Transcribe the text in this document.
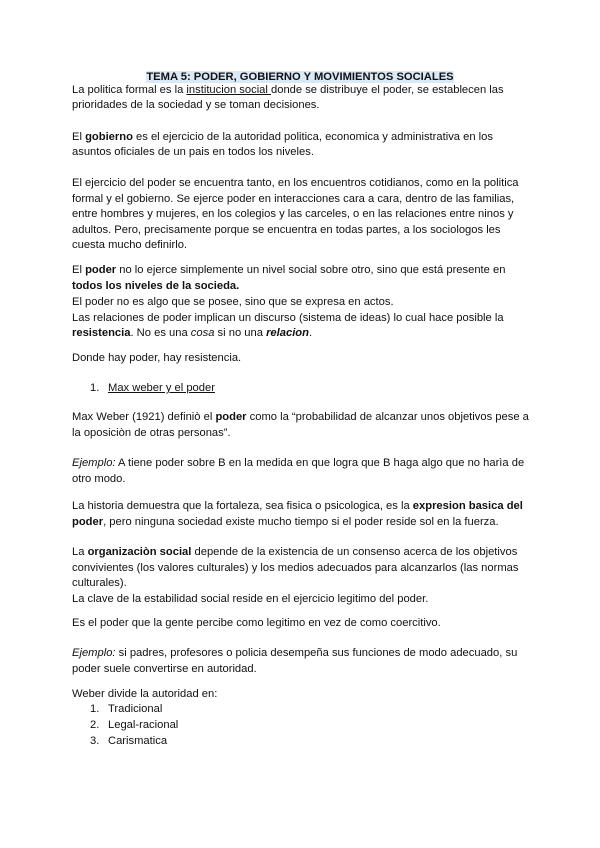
TEMA 5: PODER, GOBIERNO Y MOVIMIENTOS SOCIALES
La politica formal es la institucion social donde se distribuye el poder, se establecen las
prioridades de la sociedad y se toman decisiones.
El gobierno es el ejercicio de la autoridad politica, economica y administrativa en los
asuntos oficiales de un pais en todos los niveles.
El ejercicio del poder se encuentra tanto, en los encuentros cotidianos, como en la politica
formal y el gobierno. Se ejerce poder en interacciones cara a cara, dentro de las familias,
entre hombres y mujeres, en los colegios y las carceles, o en las relaciones entre ninos y
adultos. Pero, precisamente porque se encuentra en todas partes, a los sociologos les
cuesta mucho definirlo.
El poder no lo ejerce simplemente un nivel social sobre otro, sino que está presente en
todos los niveles de la socieda.
El poder no es algo que se posee, sino que se expresa en actos.
Las relaciones de poder implican un discurso (sistema de ideas) lo cual hace posible la
resistencia. No es una cosa si no una relacion.
Donde hay poder, hay resistencia.
1. Max weber y el poder
Max Weber (1921) definiò el poder como la “probabilidad de alcanzar unos objetivos pese a
la oposiciòn de otras personas”.
Ejemplo: A tiene poder sobre B en la medida en que logra que B haga algo que no harìa de
otro modo.
La historia demuestra que la fortaleza, sea fisica o psicologica, es la expresion basica del
poder, pero ninguna sociedad existe mucho tiempo si el poder reside sol en la fuerza.
La organizaciòn social depende de la existencia de un consenso acerca de los objetivos
convivientes (los valores culturales) y los medios adecuados para alcanzarlos (las normas
culturales).
La clave de la estabilidad social reside en el ejercicio legitimo del poder.
Es el poder que la gente percibe como legitimo en vez de como coercitivo.
Ejemplo: si padres, profesores o policia desempeña sus funciones de modo adecuado, su
poder suele convertirse en autoridad.
Weber divide la autoridad en:
1. Tradicional
2. Legal-racional
3. Carismatica
